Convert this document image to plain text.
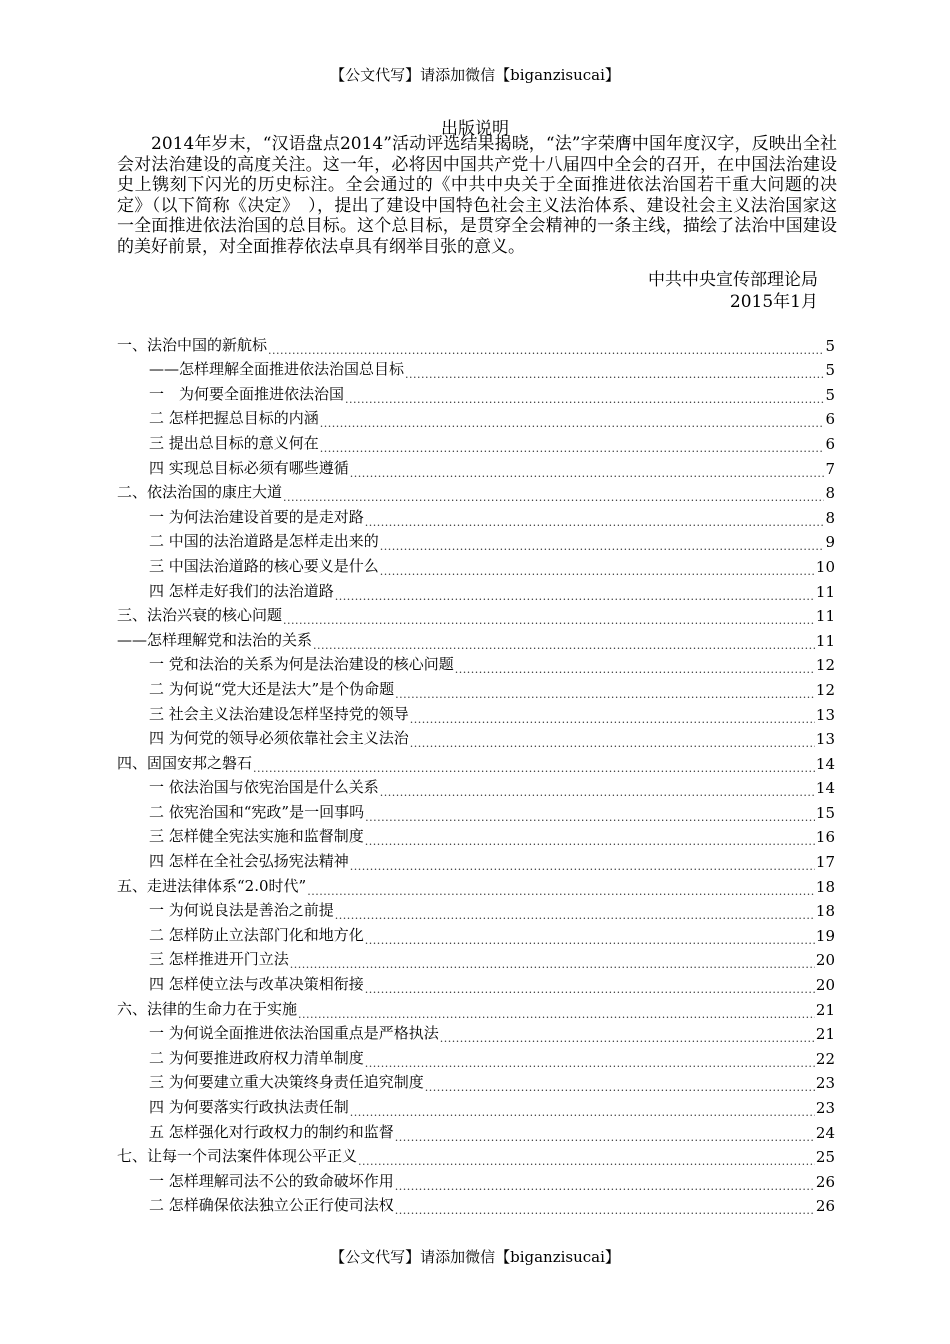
【公文代写】请添加微信【biganzisucai】
出版说明

2014年岁末，“汉语盘点2014”活动评选结果揭晓，“法”字荣膺中国年度汉字，反映出全社会对法治建设的高度关注。这一年，必将因中国共产党十八届四中全会的召开，在中国法治建设史上镌刻下闪光的历史标注。全会通过的《中共中央关于全面推进依法治国若干重大问题的决定》（以下简称《决定》　），提出了建设中国特色社会主义法治体系、建设社会主义法治国家这一全面推进依法治国的总目标。这个总目标，是贯穿全会精神的一条主线，描绘了法治中国建设的美好前景，对全面推荐依法卓具有纲举目张的意义。

中共中央宣传部理论局
2015年1月
一、法治中国的新航标 .....	5
——怎样理解全面推进依法治国总目标 .....	5
一　为何要全面推进依法治国 .....	5
二 怎样把握总目标的内涵 .....	6
三 提出总目标的意义何在 .....	6
四 实现总目标必须有哪些遵循 .....	7
二、依法治国的康庄大道 .....	8
一 为何法治建设首要的是走对路 .....	8
二 中国的法治道路是怎样走出来的 .....	9
三 中国法治道路的核心要义是什么 .....	10
四 怎样走好我们的法治道路 .....	11
三、法治兴衰的核心问题 .....	11
——怎样理解党和法治的关系 .....	11
一 党和法治的关系为何是法治建设的核心问题 .....	12
二 为何说“党大还是法大”是个伪命题 .....	12
三 社会主义法治建设怎样坚持党的领导 .....	13
四 为何党的领导必须依靠社会主义法治 .....	13
四、固国安邦之磐石 .....	14
一 依法治国与依宪治国是什么关系 .....	14
二 依宪治国和“宪政”是一回事吗 .....	15
三 怎样健全宪法实施和监督制度 .....	16
四 怎样在全社会弘扬宪法精神 .....	17
五、走进法律体系“2.0时代” .....	18
一 为何说良法是善治之前提 .....	18
二 怎样防止立法部门化和地方化 .....	19
三 怎样推进开门立法 .....	20
四 怎样使立法与改革决策相衔接 .....	20
六、法律的生命力在于实施 .....	21
一 为何说全面推进依法治国重点是严格执法 .....	21
二 为何要推进政府权力清单制度 .....	22
三 为何要建立重大决策终身责任追究制度 .....	23
四 为何要落实行政执法责任制 .....	23
五 怎样强化对行政权力的制约和监督 .....	24
七、让每一个司法案件体现公平正义 .....	25
一 怎样理解司法不公的致命破坏作用 .....	26
二 怎样确保依法独立公正行使司法权 .....	26
【公文代写】请添加微信【biganzisucai】
